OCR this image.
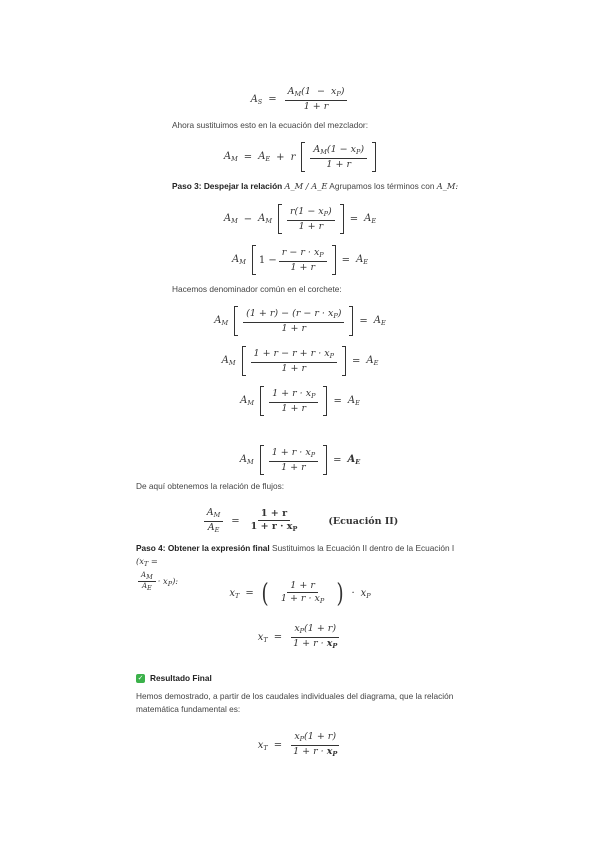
$A_S = \frac{A_M(1 - x_P)}{1 + r}$
Ahora sustituimos esto en la ecuación del mezclador:
$A_M = A_E + r \frac{A_M(1 - x_P)}{1 + r}$
Paso 3: Despejar la relación A_M / A_E Agrupamos los términos con A_M:
$A_M - A_M \frac{r(1 - x_P)}{1 + r} = A_E$
$A_M$ 1
− $\frac{r - r \cdot x_P}{1 + r} = A_E$
Hacemos denominador común en el corchete:
$A_M \frac{(1 + r) - (r - r \cdot x_P)}{1 + r} = A_E$
$A_M \frac{1 + r - r + r \cdot x_P}{1 + r} = A_E$
$A_M \frac{1 + r \cdot x_P}{1 + r} = A_E$
$A_M \frac{1 + r \cdot x_P}{1 + r} = A_E$
De aquí obtenemos la relación de flujos:
$\frac{A_M}{A_E} = \frac{1 + r}{1 + r \cdot x_P}$	(Ecuación II)
Paso 4: Obtener la expresión final Sustituimos la Ecuación II dentro de la Ecuación I ($x_T$ =

$\frac{A_M}{A_E} \cdot x_P$):
$x_T$ = ( $\frac{1 + r}{1 + r \cdot x_P}$ ) · $x_P$
$x_T = \frac{x_P(1 + r)}{1 + r \cdot x_P}$
✓ Resultado Final
Hemos demostrado, a partir de los caudales individuales del diagrama, que la relación matemática fundamental es:
$x_T = \frac{x_P(1 + r)}{1 + r \cdot x_P}$
